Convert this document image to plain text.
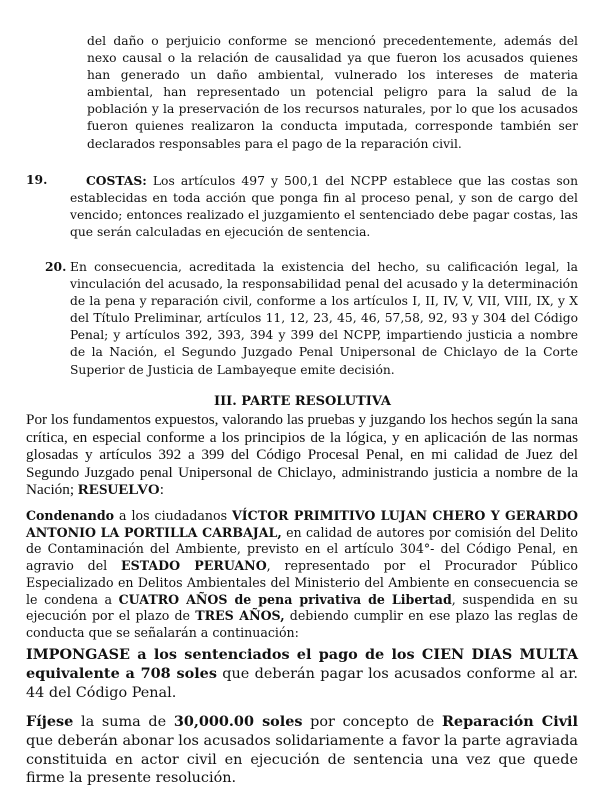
del daño o perjuicio conforme se mencionó precedentemente, además del nexo causal o la relación de causalidad ya que fueron los acusados quienes han generado un daño ambiental, vulnerado los intereses de materia ambiental, han representado un potencial peligro para la salud de la población y la preservación de los recursos naturales, por lo que los acusados fueron quienes realizaron la conducta imputada, corresponde también ser declarados responsables para el pago de la reparación civil.

19.	COSTAS: Los artículos 497 y 500,1 del NCPP establece que las costas son establecidas en toda acción que ponga fin al proceso penal, y son de cargo del vencido; entonces realizado el juzgamiento el sentenciado debe pagar costas, las que serán calculadas en ejecución de sentencia.

20. En consecuencia, acreditada la existencia del hecho, su calificación legal, la vinculación del acusado, la responsabilidad penal del acusado y la determinación de la pena y reparación civil, conforme a los artículos I, II, IV, V, VII, VIII, IX, y X del Título Preliminar, artículos 11, 12, 23, 45, 46, 57,58, 92, 93 y 304 del Código Penal; y artículos 392, 393, 394 y 399 del NCPP, impartiendo justicia a nombre de la Nación, el Segundo Juzgado Penal Unipersonal de Chiclayo de la Corte Superior de Justicia de Lambayeque emite decisión.

III. PARTE RESOLUTIVA

Por los fundamentos expuestos, valorando las pruebas y juzgando los hechos según la sana crítica, en especial conforme a los principios de la lógica, y en aplicación de las normas glosadas y artículos 392 a 399 del Código Procesal Penal, en mi calidad de Juez del Segundo Juzgado penal Unipersonal de Chiclayo, administrando justicia a nombre de la Nación; RESUELVO:

Condenando a los ciudadanos VÍCTOR PRIMITIVO LUJAN CHERO Y GERARDO ANTONIO LA PORTILLA CARBAJAL, en calidad de autores por comisión del Delito de Contaminación del Ambiente, previsto en el artículo 304°- del Código Penal, en agravio del ESTADO PERUANO, representado por el Procurador Público Especializado en Delitos Ambientales del Ministerio del Ambiente en consecuencia se le condena a CUATRO AÑOS de pena privativa de Libertad, suspendida en su ejecución por el plazo de TRES AÑOS, debiendo cumplir en ese plazo las reglas de conducta que se señalarán a continuación:

IMPONGASE a los sentenciados el pago de los CIEN DIAS MULTA equivalente a 708 soles que deberán pagar los acusados conforme al ar. 44 del Código Penal.

Fíjese la suma de 30,000.00 soles por concepto de Reparación Civil que deberán abonar los acusados solidariamente a favor la parte agraviada constituida en actor civil en ejecución de sentencia una vez que quede firme la presente resolución.
